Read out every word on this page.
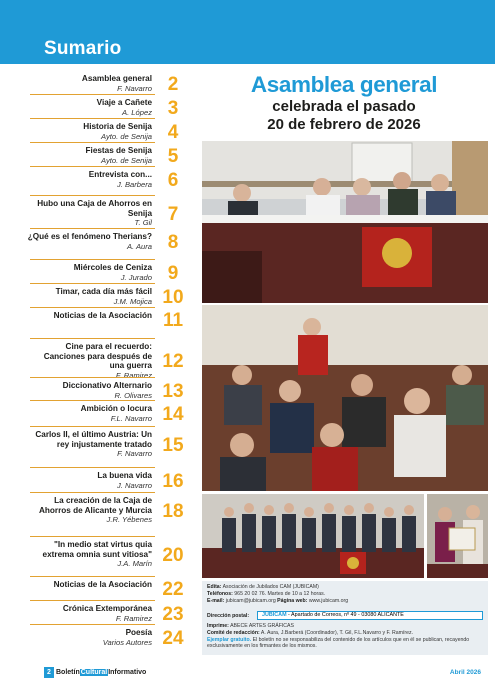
Sumario
Asamblea general
F. Navarro 2
Viaje a Cañete
A. López 3
Historia de Senija
Ayto. de Senija 4
Fiestas de Senija
Ayto. de Senija 5
Entrevista con...
J. Barbera 6
Hubo una Caja de Ahorros en Senija
T. Gil 7
¿Qué es el fenómeno Therians?
A. Aura 8
Miércoles de Ceniza
J. Jurado 9
Timar, cada día más fácil
J.M. Mojica 10
Noticias de la Asociación 11
Cine para el recuerdo: Canciones para después de una guerra
F. Ramirez
12
Diccionativo Alternario
R. Olivares 13
Ambición o locura
F.L. Navarro 14
Carlos II, el último Austria: Un rey injustamente tratado
F. Navarro 15
La buena vida
J. Navarro 16
La creación de la Caja de Ahorros de Alicante y Murcia
J.R. Yébenes 18
"In medio stat virtus quia extrema omnia sunt vitiosa"
J.A. Marín 20
Noticias de la Asociación 22
Crónica Extemporánea
F. Ramirez 23
Poesía
Varios Autores 24
Asamblea general
celebrada el pasado
20 de febrero de 2026
Edita: Asociación de Jubilados CAM (JUBICAM)
Teléfonos: 965 20 02 76. Martes de 10 a 12 horas.
E-mail: jubicam@jubicam.org Página web: www.jubicam.org
Dirección postal:	JUBICAM - Apartado de Correos, nº 49 - 03080 ALICANTE
Imprime: ABECE ARTES GRÁFICAS
Comité de redacción: A. Aura, J.Barberá (Coordinador), T. Gil, F.L.Navarro y F. Ramírez.
Ejemplar gratuito. El boletín no se responsabiliza del contenido de los artículos que en él se publican, recayendo exclusivamente en los firmantes de los mismos.
2 BoletínCulturalInformativo	Abril 2026
